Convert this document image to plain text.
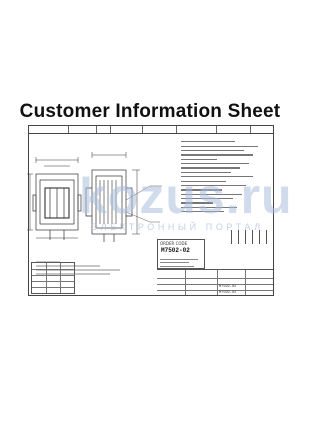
Customer Information Sheet
ORDER CODE
M7502-02
M7502-02
M7502-02
kozus.ru
ЭЛЕКТРОННЫЙ ПОРТАЛ
